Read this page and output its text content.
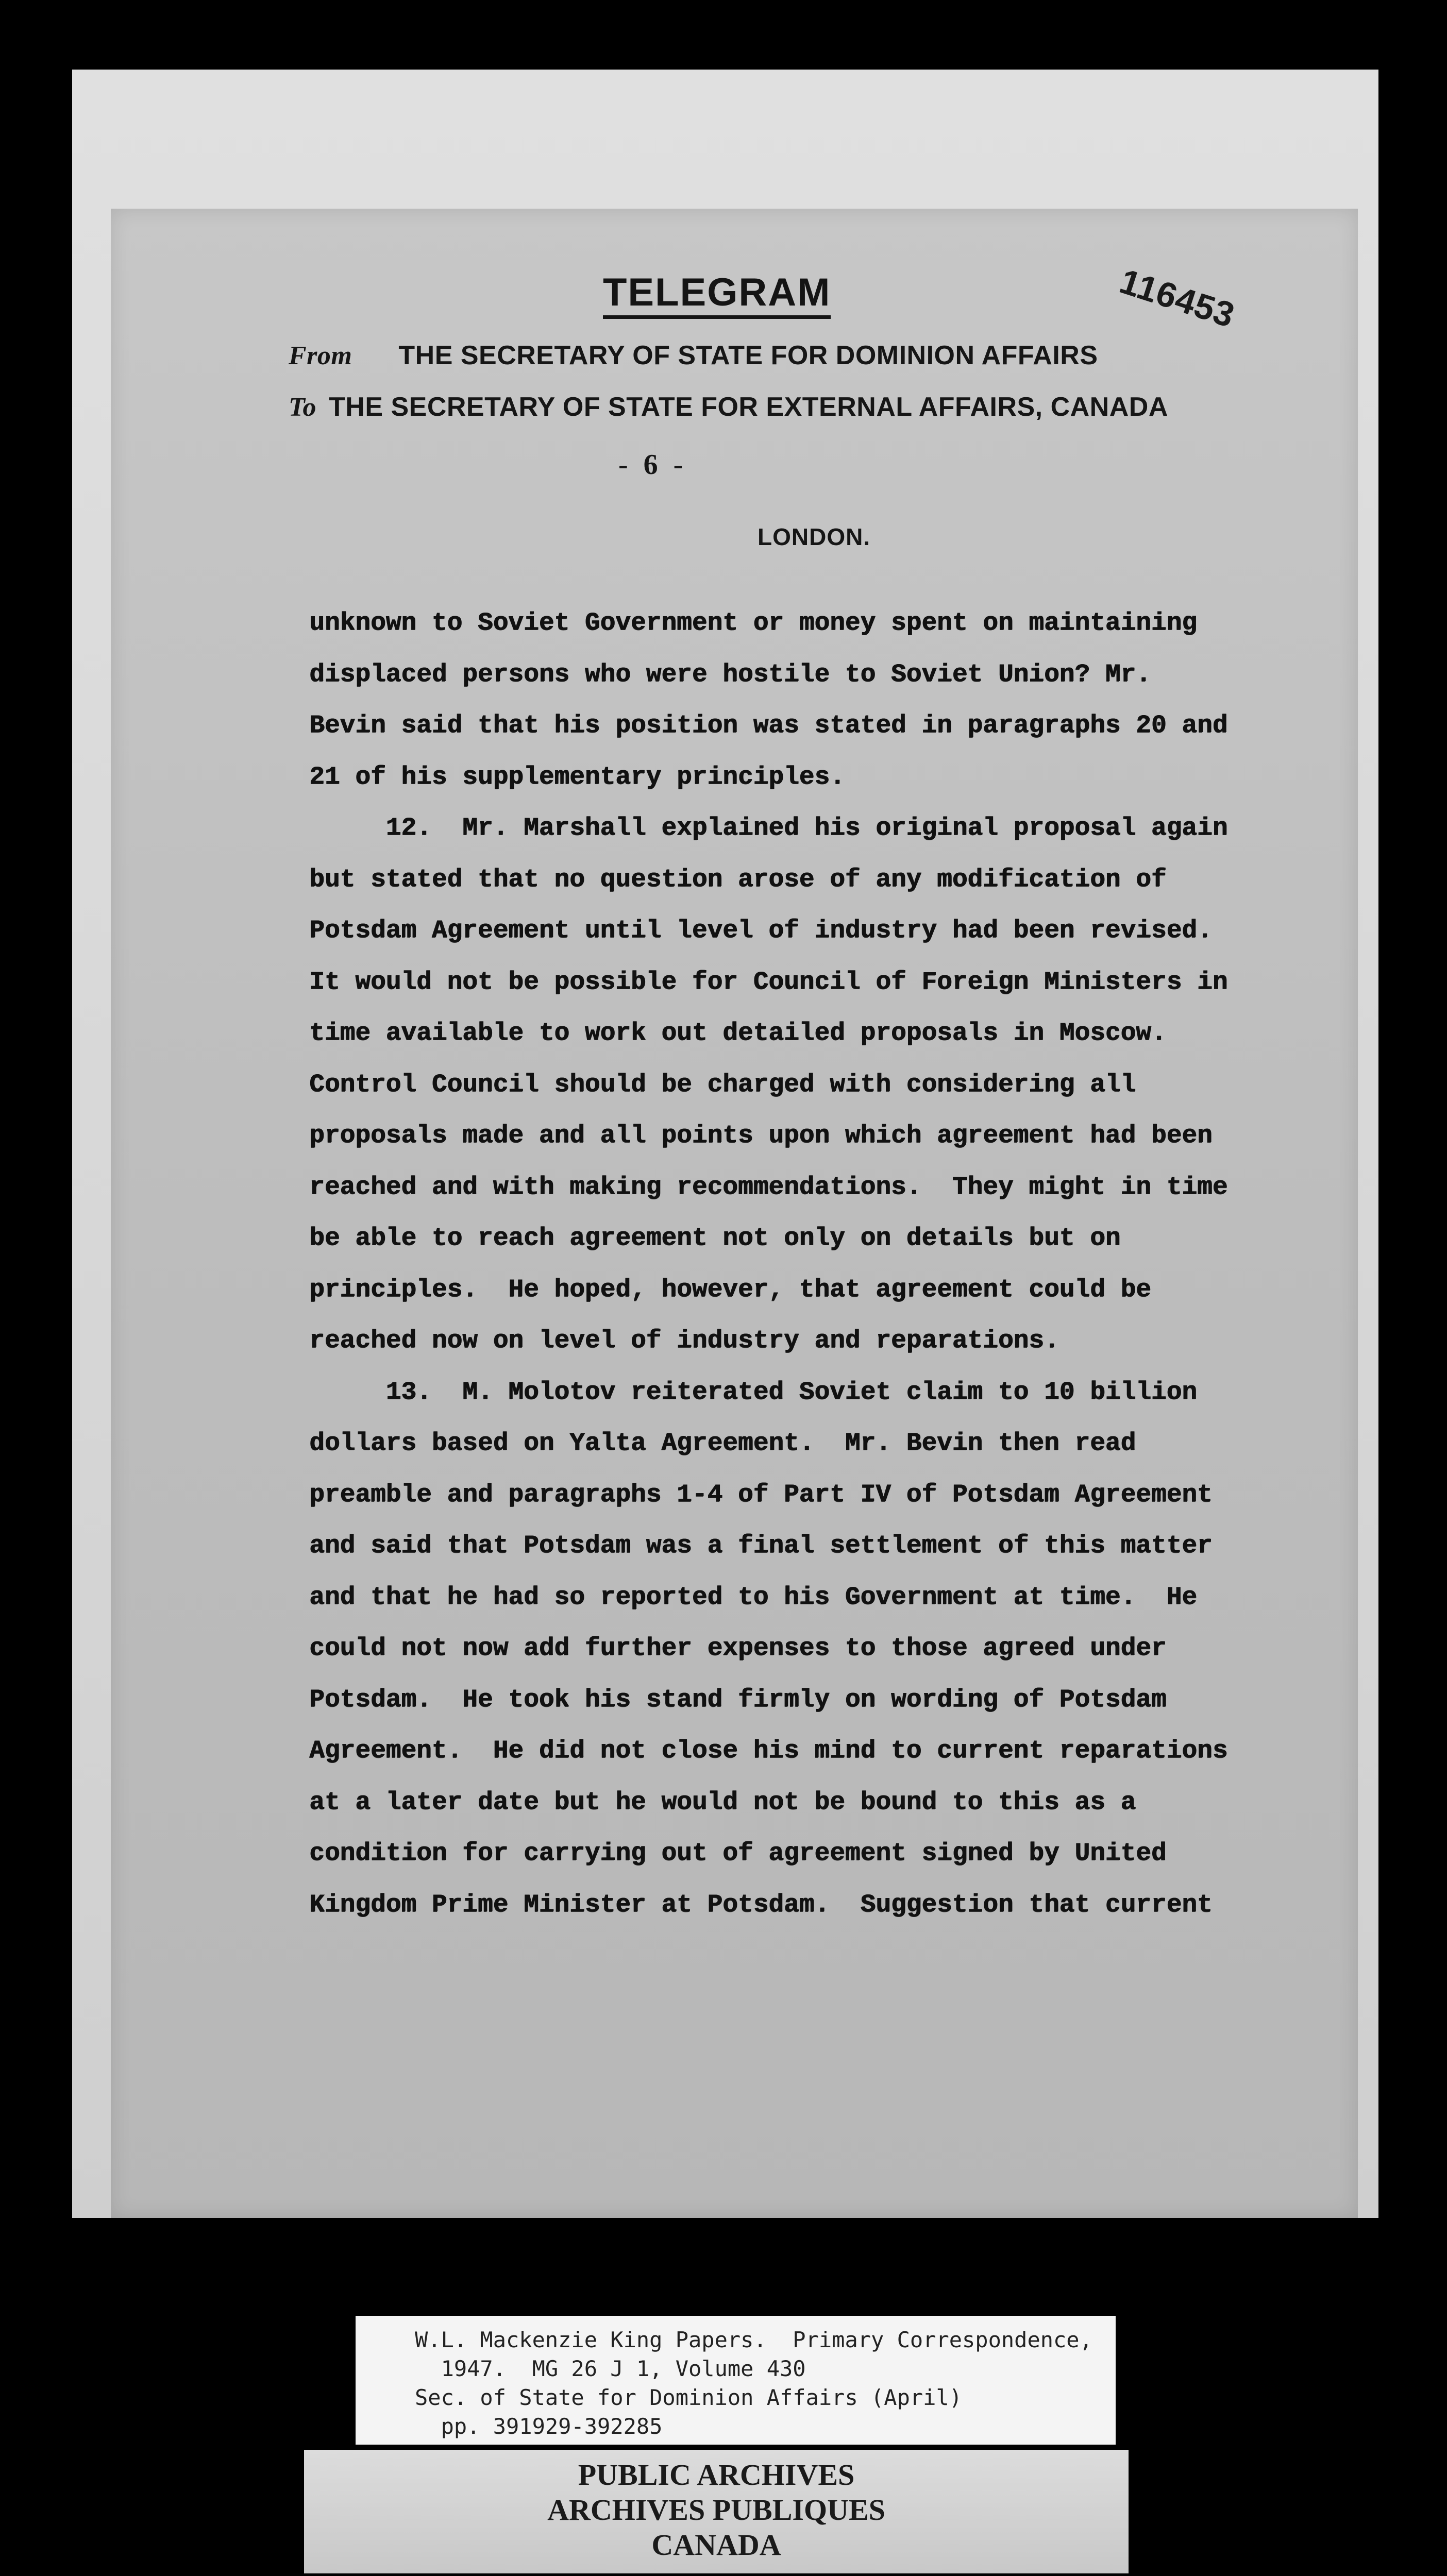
TELEGRAM	116453
From THE SECRETARY OF STATE FOR DOMINION AFFAIRS
To THE SECRETARY OF STATE FOR EXTERNAL AFFAIRS, CANADA
- 6 -
LONDON.
unknown to Soviet Government or money spent on maintaining
displaced persons who were hostile to Soviet Union? Mr.
Bevin said that his position was stated in paragraphs 20 and
21 of his supplementary principles.
12.  Mr. Marshall explained his original proposal again
but stated that no question arose of any modification of
Potsdam Agreement until level of industry had been revised.
It would not be possible for Council of Foreign Ministers in
time available to work out detailed proposals in Moscow.
Control Council should be charged with considering all
proposals made and all points upon which agreement had been
reached and with making recommendations.  They might in time
be able to reach agreement not only on details but on
principles.  He hoped, however, that agreement could be
reached now on level of industry and reparations.
13.  M. Molotov reiterated Soviet claim to 10 billion
dollars based on Yalta Agreement.  Mr. Bevin then read
preamble and paragraphs 1-4 of Part IV of Potsdam Agreement
and said that Potsdam was a final settlement of this matter
and that he had so reported to his Government at time.  He
could not now add further expenses to those agreed under
Potsdam.  He took his stand firmly on wording of Potsdam
Agreement.  He did not close his mind to current reparations
at a later date but he would not be bound to this as a
condition for carrying out of agreement signed by United
Kingdom Prime Minister at Potsdam.  Suggestion that current
W.L. Mackenzie King Papers.  Primary Correspondence,
1947.  MG 26 J 1, Volume 430
Sec. of State for Dominion Affairs (April)
pp. 391929-392285
PUBLIC ARCHIVES
ARCHIVES PUBLIQUES
CANADA
